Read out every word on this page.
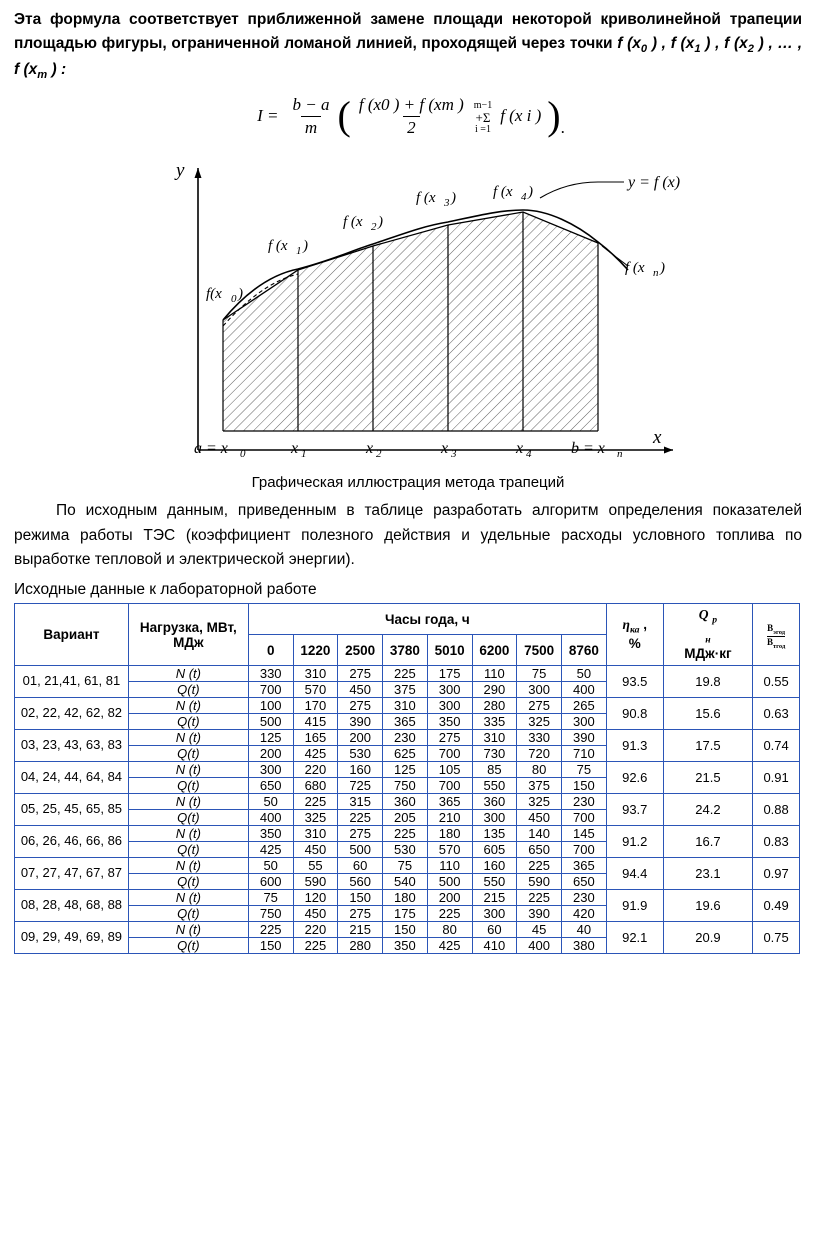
Эта формула соответствует приближенной замене площади некоторой криволинейной трапеции площадью фигуры, ограниченной ломаной линией, проходящей через точки f ($x_0$ ) , f ($x_1$ ) , f ($x_2$ ) , … , f ($x_m$ ) :
$I = \frac{b - a}{m}$ ( $\frac{f (x0 ) + f (xm )}{2} m-1$
+Σ
i =1
f (x i ) ) .
y
x
f(x 0 )
f (x 1 )
f (x 2 )
f (x 3 ) f (x 4 )
f (x n )
y = f (x)
a = x 0	x 1	x 2	x 3	x 4 b = x n
Графическая иллюстрация метода трапеций
По исходным данным, приведенным в таблице разработать алгоритм определения показателей режима работы ТЭС (коэффициент полезного действия и удельные расходы условного топлива по выработке тепловой и электрической энергии).
Исходные данные к лабораторной работе
Вариант	Нагрузка, МВт, МДж	Часы года, ч								$\eta_{ка}$ ,
%	Q $_р$
$_н$
МДж·кг	$\frac{В_{эгод}}{В_{тгод}}$

		0	1220	2500	3780	5010	6200	7500	8760			
01, 21,41, 61, 81	N (t)	330	310	275	225	175	110	75	50	93.5	19.8	0.55
	Q(t)	700	570	450	375	300	290	300	400			
02, 22, 42, 62, 82	N (t)	100	170	275	310	300	280	275	265	90.8	15.6	0.63
	Q(t)	500	415	390	365	350	335	325	300			
03, 23, 43, 63, 83	N (t)	125	165	200	230	275	310	330	390	91.3	17.5	0.74
	Q(t)	200	425	530	625	700	730	720	710			
04, 24, 44, 64, 84	N (t)	300	220	160	125	105	85	80	75	92.6	21.5	0.91
	Q(t)	650	680	725	750	700	550	375	150			
05, 25, 45, 65, 85	N (t)	50	225	315	360	365	360	325	230	93.7	24.2	0.88
	Q(t)	400	325	225	205	210	300	450	700			
06, 26, 46, 66, 86	N (t)	350	310	275	225	180	135	140	145	91.2	16.7	0.83
	Q(t)	425	450	500	530	570	605	650	700			
07, 27, 47, 67, 87	N (t)	50	55	60	75	110	160	225	365	94.4	23.1	0.97
	Q(t)	600	590	560	540	500	550	590	650			
08, 28, 48, 68, 88	N (t)	75	120	150	180	200	215	225	230	91.9	19.6	0.49
	Q(t)	750	450	275	175	225	300	390	420			
09, 29, 49, 69, 89	N (t)	225	220	215	150	80	60	45	40	92.1	20.9	0.75
	Q(t)	150	225	280	350	425	410	400	380			
